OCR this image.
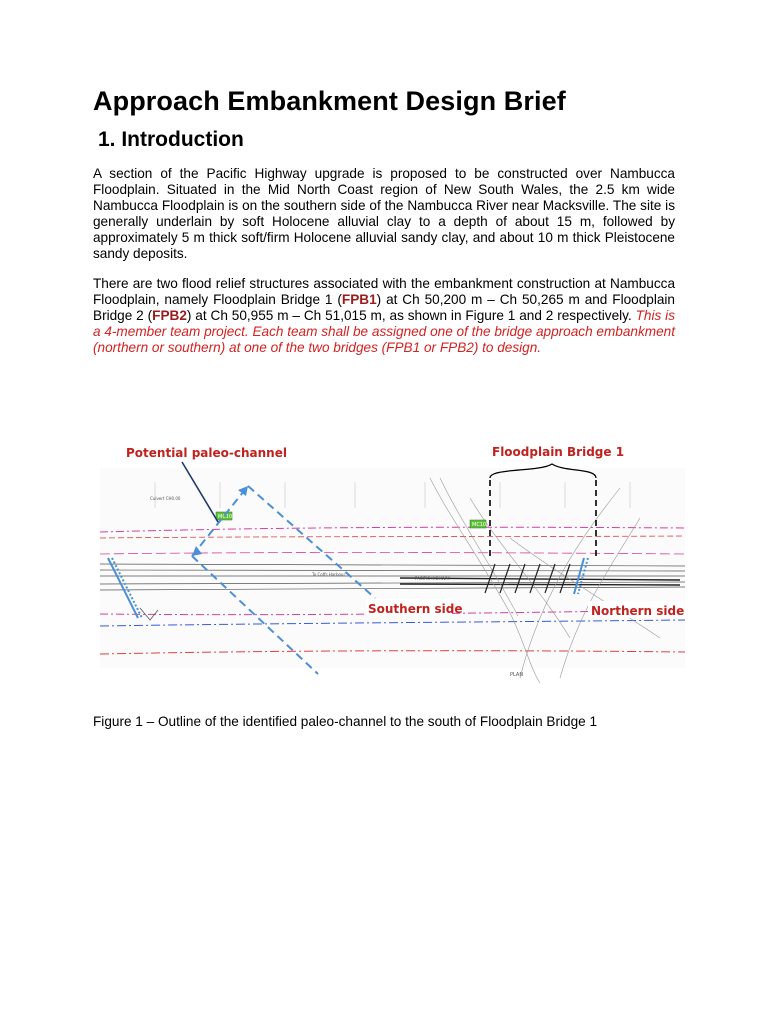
Approach Embankment Design Brief
1. Introduction

A section of the Pacific Highway upgrade is proposed to be constructed over Nambucca Floodplain. Situated in the Mid North Coast region of New South Wales, the 2.5 km wide Nambucca Floodplain is on the southern side of the Nambucca River near Macksville. The site is generally underlain by soft Holocene alluvial clay to a depth of about 15 m, followed by approximately 5 m thick soft/firm Holocene alluvial sandy clay, and about 10 m thick Pleistocene sandy deposits.

There are two flood relief structures associated with the embankment construction at Nambucca Floodplain, namely Floodplain Bridge 1 (FPB1) at Ch 50,200 m – Ch 50,265 m and Floodplain Bridge 2 (FPB2) at Ch 50,955 m – Ch 51,015 m, as shown in Figure 1 and 2 respectively. This is a 4-member team project. Each team shall be assigned one of the bridge approach embankment (northern or southern) at one of the two bridges (FPB1 or FPB2) to design.

PACIFIC HIGHWAY
To Coffs Harbour
Culvert CH0.00
MC10
MC10
Potential paleo-channel	Floodplain Bridge 1
Southern side	Northern side
PLAN

Figure 1 – Outline of the identified paleo-channel to the south of Floodplain Bridge 1
